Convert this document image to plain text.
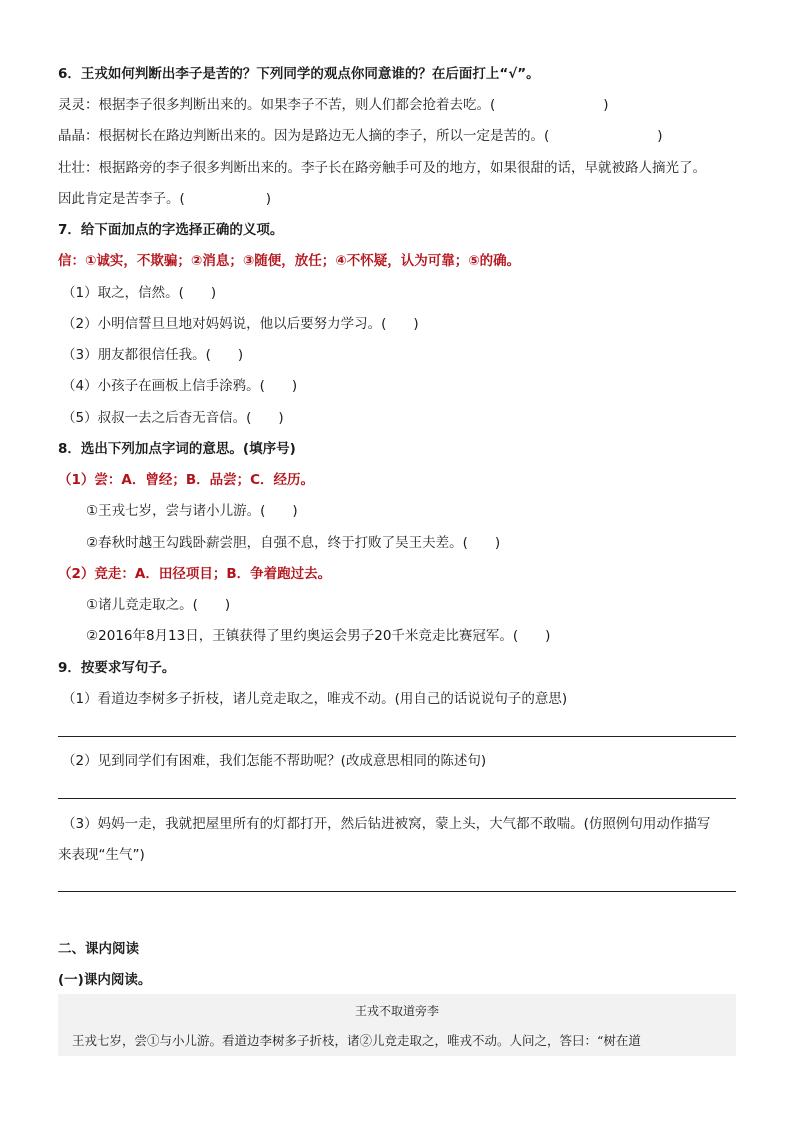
6．王戎如何判断出李子是苦的？下列同学的观点你同意谁的？在后面打上“√”。
灵灵：根据李子很多判断出来的。如果李子不苦，则人们都会抢着去吃。(　　　　　　　　)
晶晶：根据树长在路边判断出来的。因为是路边无人摘的李子，所以一定是苦的。(　　　　　　　　)
壮壮：根据路旁的李子很多判断出来的。李子长在路旁触手可及的地方，如果很甜的话，早就被路人摘光了。
因此肯定是苦李子。(　　　　　　)
7．给下面加点的字选择正确的义项。
信：①诚实，不欺骗；②消息；③随便，放任；④不怀疑，认为可靠；⑤的确。
（1）取之，信然。(　　)
（2）小明信誓旦旦地对妈妈说，他以后要努力学习。(　　)
（3）朋友都很信任我。(　　)
（4）小孩子在画板上信手涂鸦。(　　)
（5）叔叔一去之后杳无音信。(　　)
8．选出下列加点字词的意思。(填序号)
（1）尝：A．曾经；B．品尝；C．经历。
①王戎七岁，尝与诸小儿游。(　　)
②春秋时越王勾践卧薪尝胆，自强不息，终于打败了吴王夫差。(　　)
（2）竞走：A．田径项目；B．争着跑过去。
①诸儿竞走取之。(　　)
②2016年8月13日，王镇获得了里约奥运会男子20千米竞走比赛冠军。(　　)
9．按要求写句子。
（1）看道边李树多子折枝，诸儿竞走取之，唯戎不动。(用自己的话说说句子的意思)
（2）见到同学们有困难，我们怎能不帮助呢？(改成意思相同的陈述句)
（3）妈妈一走，我就把屋里所有的灯都打开，然后钻进被窝，蒙上头，大气都不敢喘。(仿照例句用动作描写
来表现“生气”)
二、课内阅读
(一)课内阅读。
王戎不取道旁李
王戎七岁，尝①与小儿游。看道边李树多子折枝，诸②儿竞走取之，唯戎不动。人问之，答曰：“树在道
